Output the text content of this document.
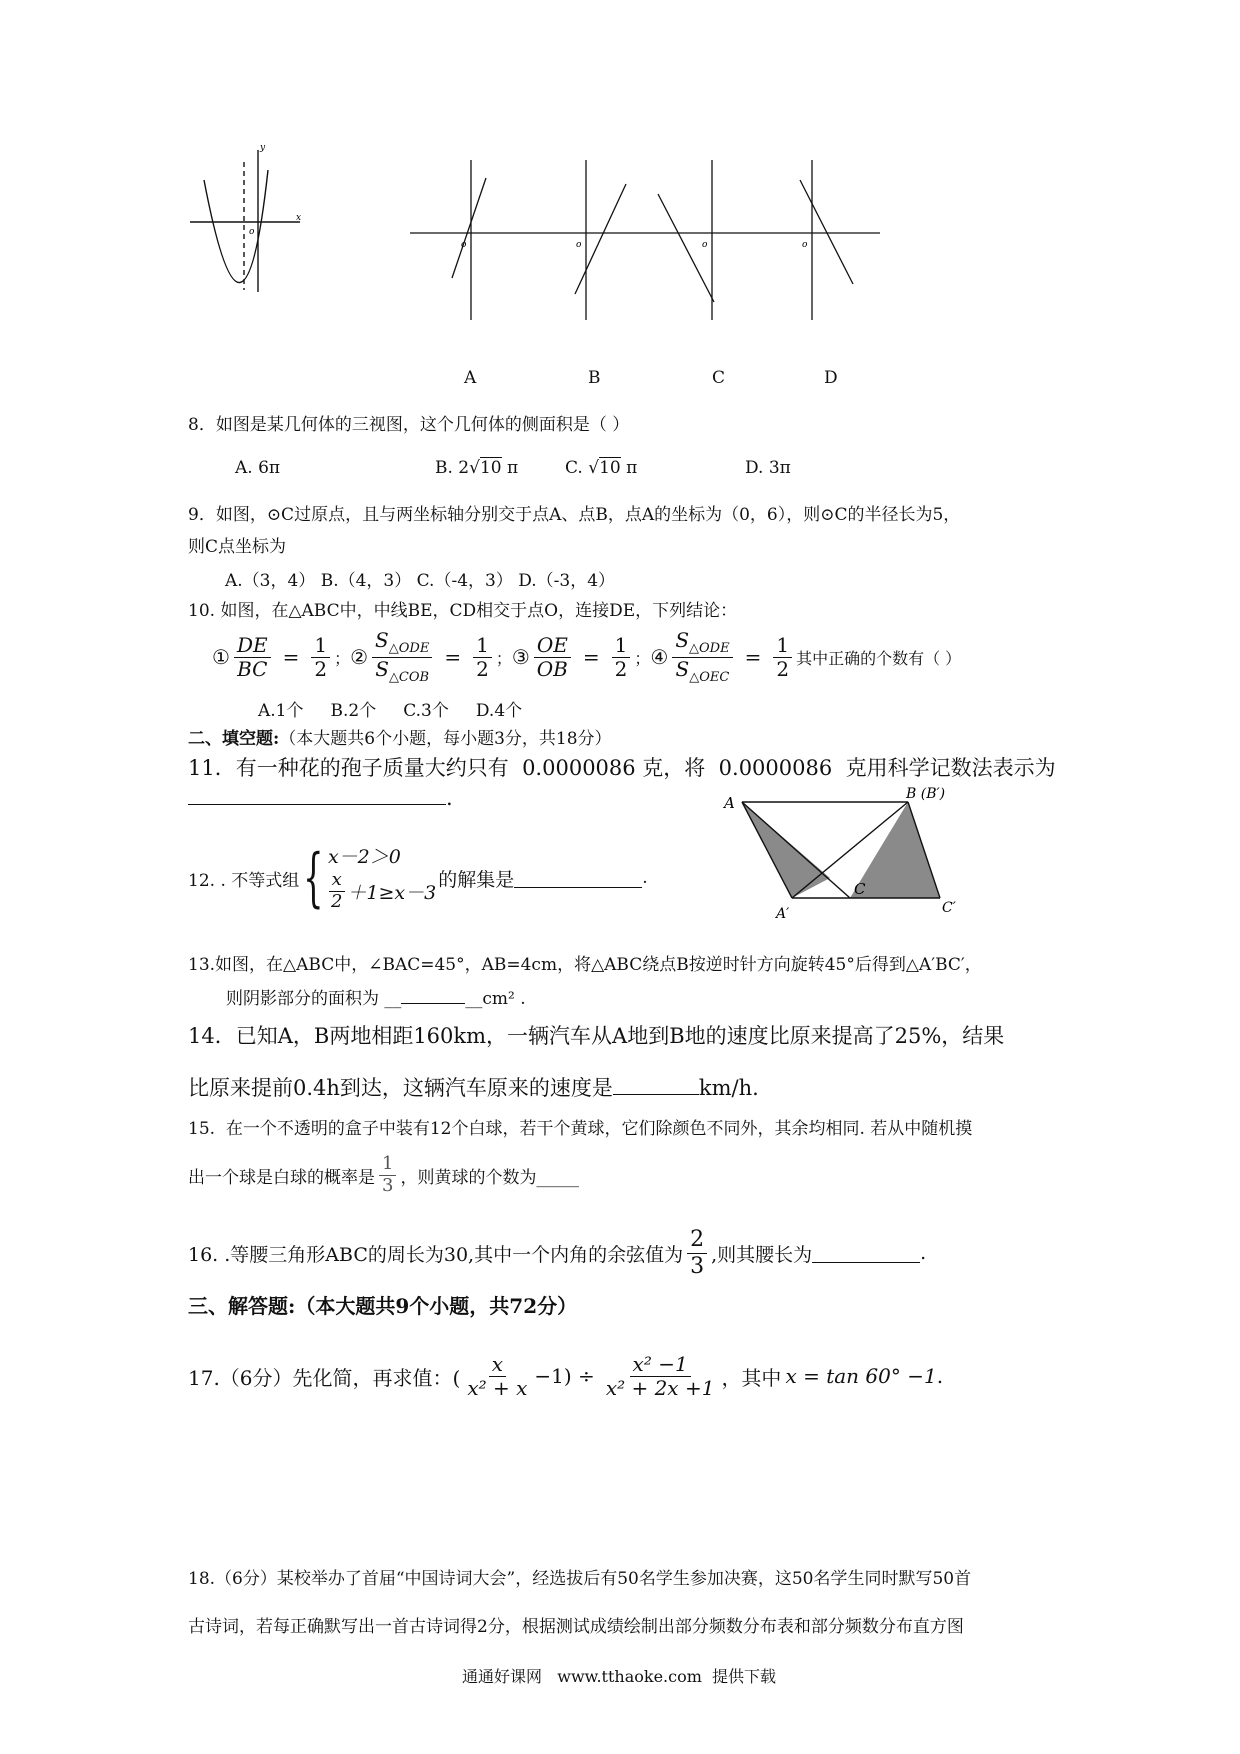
y
x
o
o	o	o	o
A	B	C	D
8．如图是某几何体的三视图，这个几何体的侧面积是（ ）
A. 6π	B. 2√10 π	C. √10 π	D. 3π
9．如图，⊙C过原点，且与两坐标轴分别交于点A、点B，点A的坐标为（0，6），则⊙C的半径长为5，
则C点坐标为
A.（3，4） B.（4，3） C.（-4，3） D.（-3，4）
10. 如图，在△ABC中，中线BE，CD相交于点O，连接DE，下列结论：
① $\frac{DE}{BC} = \frac{1}{2}$ ； ② $\frac{S_{\triangle ODE}}{S_{\triangle COB}} = \frac{1}{2}$ ； ③ $\frac{OE}{OB} = \frac{1}{2}$ ； ④ $\frac{S_{\triangle ODE}}{S_{\triangle OEC}} = \frac{1}{2}$ 其中正确的个数有（ ）
A.1个     B.2个     C.3个     D.4个
二、填空题:（本大题共6个小题，每小题3分，共18分）
11．有一种花的孢子质量大约只有  0.0000086 克，将  0.0000086  克用科学记数法表示为
.	A	B (B′)
A′
C
C′
12. . 不等式组 { x－2＞0
$\frac{x}{2} +1\ge x-3$
的解集是	.
13.如图，在△ABC中，∠BAC=45°，AB=4cm，将△ABC绕点B按逆时针方向旋转45°后得到△A′BC′，
则阴影部分的面积为 __	__cm² .
14．已知A，B两地相距160km，一辆汽车从A地到B地的速度比原来提高了25%，结果
比原来提前0.4h到达，这辆汽车原来的速度是	km/h.
15.  在一个不透明的盒子中装有12个白球，若干个黄球，它们除颜色不同外，其余均相同. 若从中随机摸
出一个球是白球的概率是 $\frac{1}{3}$ ，则黄球的个数为_____
16. .等腰三角形ABC的周长为30,其中一个内角的余弦值为 $\frac{2}{3}$ ,则其腰长为	.
三、解答题:（本大题共9个小题，共72分）
17.（6分）先化简，再求值：( $\frac{x}{\text{x² + x}} -1) \div \frac{\text{x² −1}}{\text{x² + 2x +1}}$ ，其中 x = tan 60° −1 .
18.（6分）某校举办了首届“中国诗词大会”，经选拔后有50名学生参加决赛，这50名学生同时默写50首
古诗词，若每正确默写出一首古诗词得2分，根据测试成绩绘制出部分频数分布表和部分频数分布直方图
通通好课网   www.tthaoke.com  提供下载
